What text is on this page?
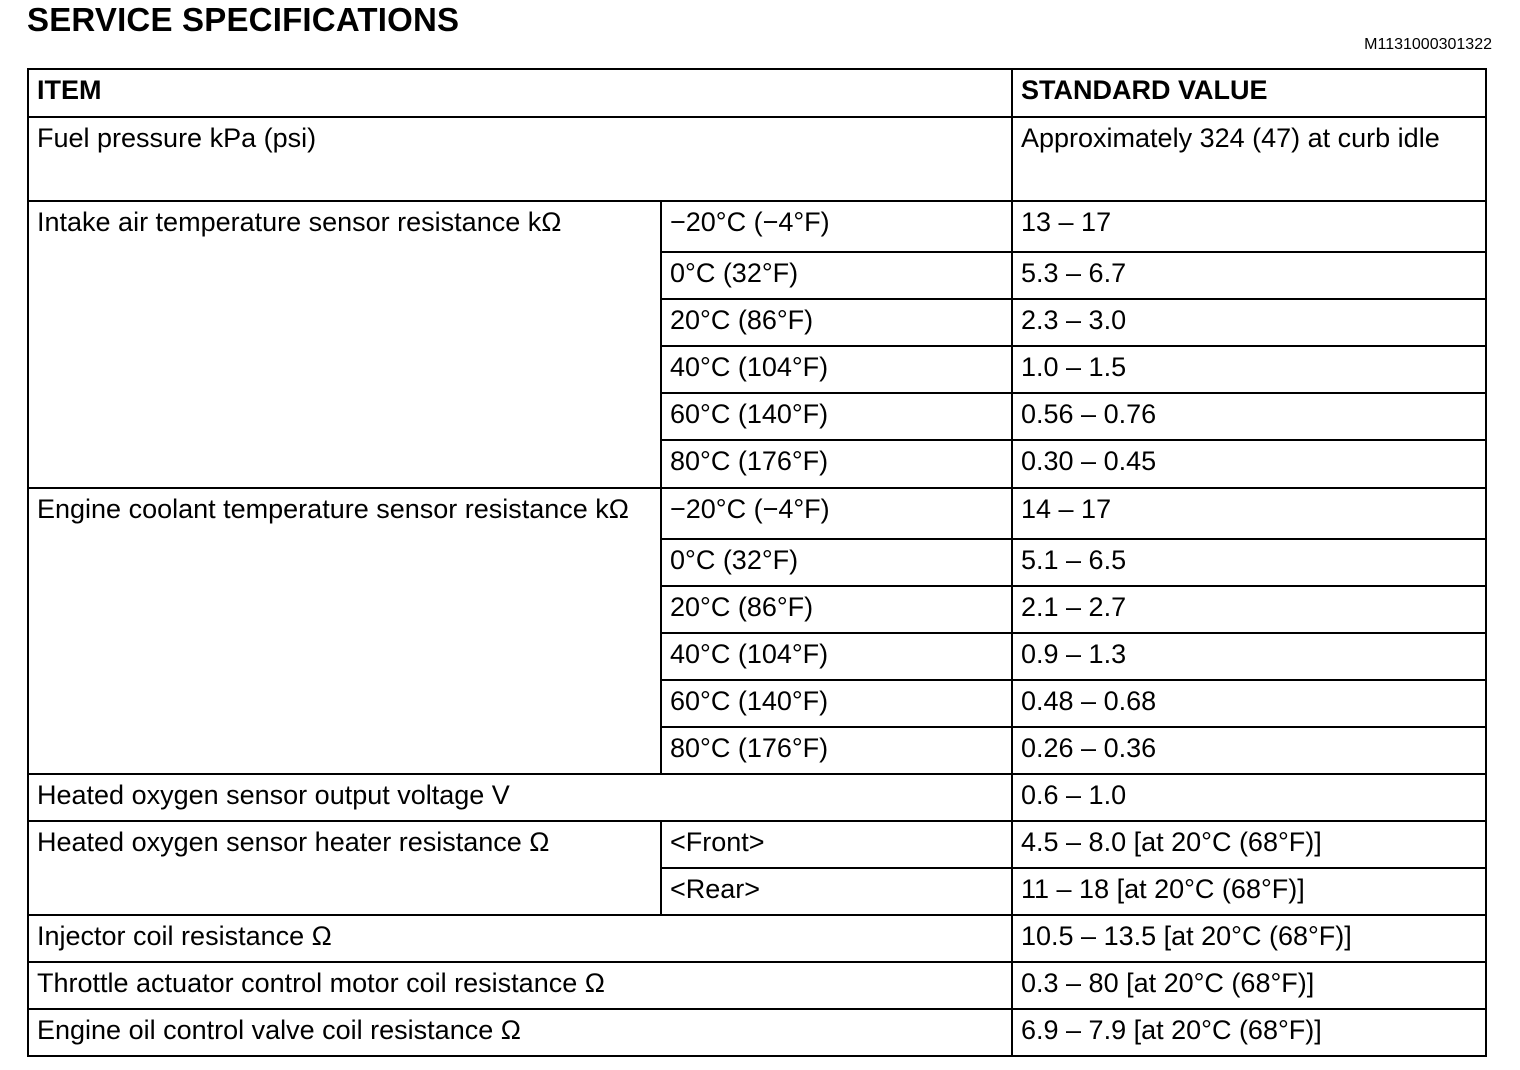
SERVICE SPECIFICATIONS
M1131000301322
ITEM		STANDARD VALUE
Fuel pressure kPa (psi)		Approximately 324 (47) at curb idle
Intake air temperature sensor resistance kΩ	−20°C (−4°F)	13 – 17
	0°C (32°F)	5.3 – 6.7
	20°C (86°F)	2.3 – 3.0
	40°C (104°F)	1.0 – 1.5
	60°C (140°F)	0.56 – 0.76
	80°C (176°F)	0.30 – 0.45
Engine coolant temperature sensor resistance kΩ	−20°C (−4°F)	14 – 17
	0°C (32°F)	5.1 – 6.5
	20°C (86°F)	2.1 – 2.7
	40°C (104°F)	0.9 – 1.3
	60°C (140°F)	0.48 – 0.68
	80°C (176°F)	0.26 – 0.36
Heated oxygen sensor output voltage V		0.6 – 1.0
Heated oxygen sensor heater resistance Ω	<Front>	4.5 – 8.0 [at 20°C (68°F)]
	<Rear>	11 – 18 [at 20°C (68°F)]
Injector coil resistance Ω		10.5 – 13.5 [at 20°C (68°F)]
Throttle actuator control motor coil resistance Ω		0.3 – 80 [at 20°C (68°F)]
Engine oil control valve coil resistance Ω		6.9 – 7.9 [at 20°C (68°F)]
